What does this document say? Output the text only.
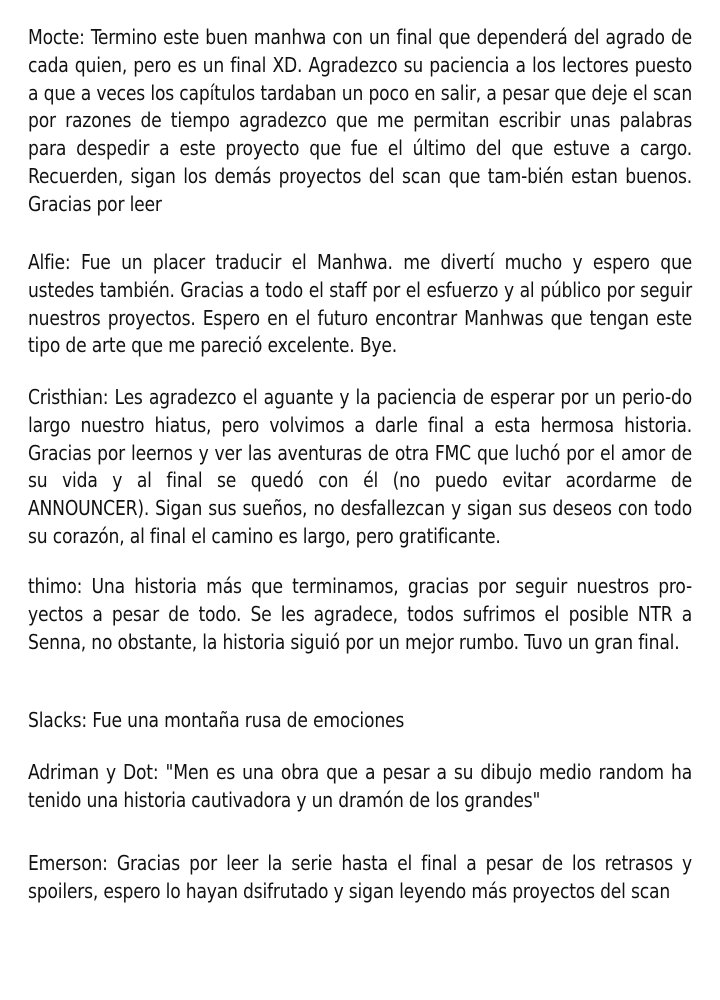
Mocte: Termino este buen manhwa con un final que dependerá del agrado de cada quien, pero es un final XD. Agradezco su paciencia a los lectores puesto a que a veces los capítulos tardaban un poco en salir, a pesar que deje el scan por razones de tiempo agradezco que me permitan escribir unas palabras para despedir a este proyecto que fue el último del que estuve a cargo. Recuerden, sigan los demás proyectos del scan que tam-bién estan buenos. Gracias por leer

Alfie: Fue un placer traducir el Manhwa. me divertí mucho y espero que ustedes también. Gracias a todo el staff por el esfuerzo y al público por seguir nuestros proyectos. Espero en el futuro encontrar Manhwas que tengan este tipo de arte que me pareció excelente. Bye.

Cristhian: Les agradezco el aguante y la paciencia de esperar por un perio-do largo nuestro hiatus, pero volvimos a darle final a esta hermosa historia. Gracias por leernos y ver las aventuras de otra FMC que luchó por el amor de su vida y al final se quedó con él (no puedo evitar acordarme de ANNOUNCER). Sigan sus sueños, no desfallezcan y sigan sus deseos con todo su corazón, al final el camino es largo, pero gratificante.

thimo: Una historia más que terminamos, gracias por seguir nuestros pro-yectos a pesar de todo. Se les agradece, todos sufrimos el posible NTR a Senna, no obstante, la historia siguió por un mejor rumbo. Tuvo un gran final.

Slacks: Fue una montaña rusa de emociones

Adriman y Dot: "Men es una obra que a pesar a su dibujo medio random ha tenido una historia cautivadora y un dramón de los grandes"

Emerson: Gracias por leer la serie hasta el final a pesar de los retrasos y spoilers, espero lo hayan dsifrutado y sigan leyendo más proyectos del scan
